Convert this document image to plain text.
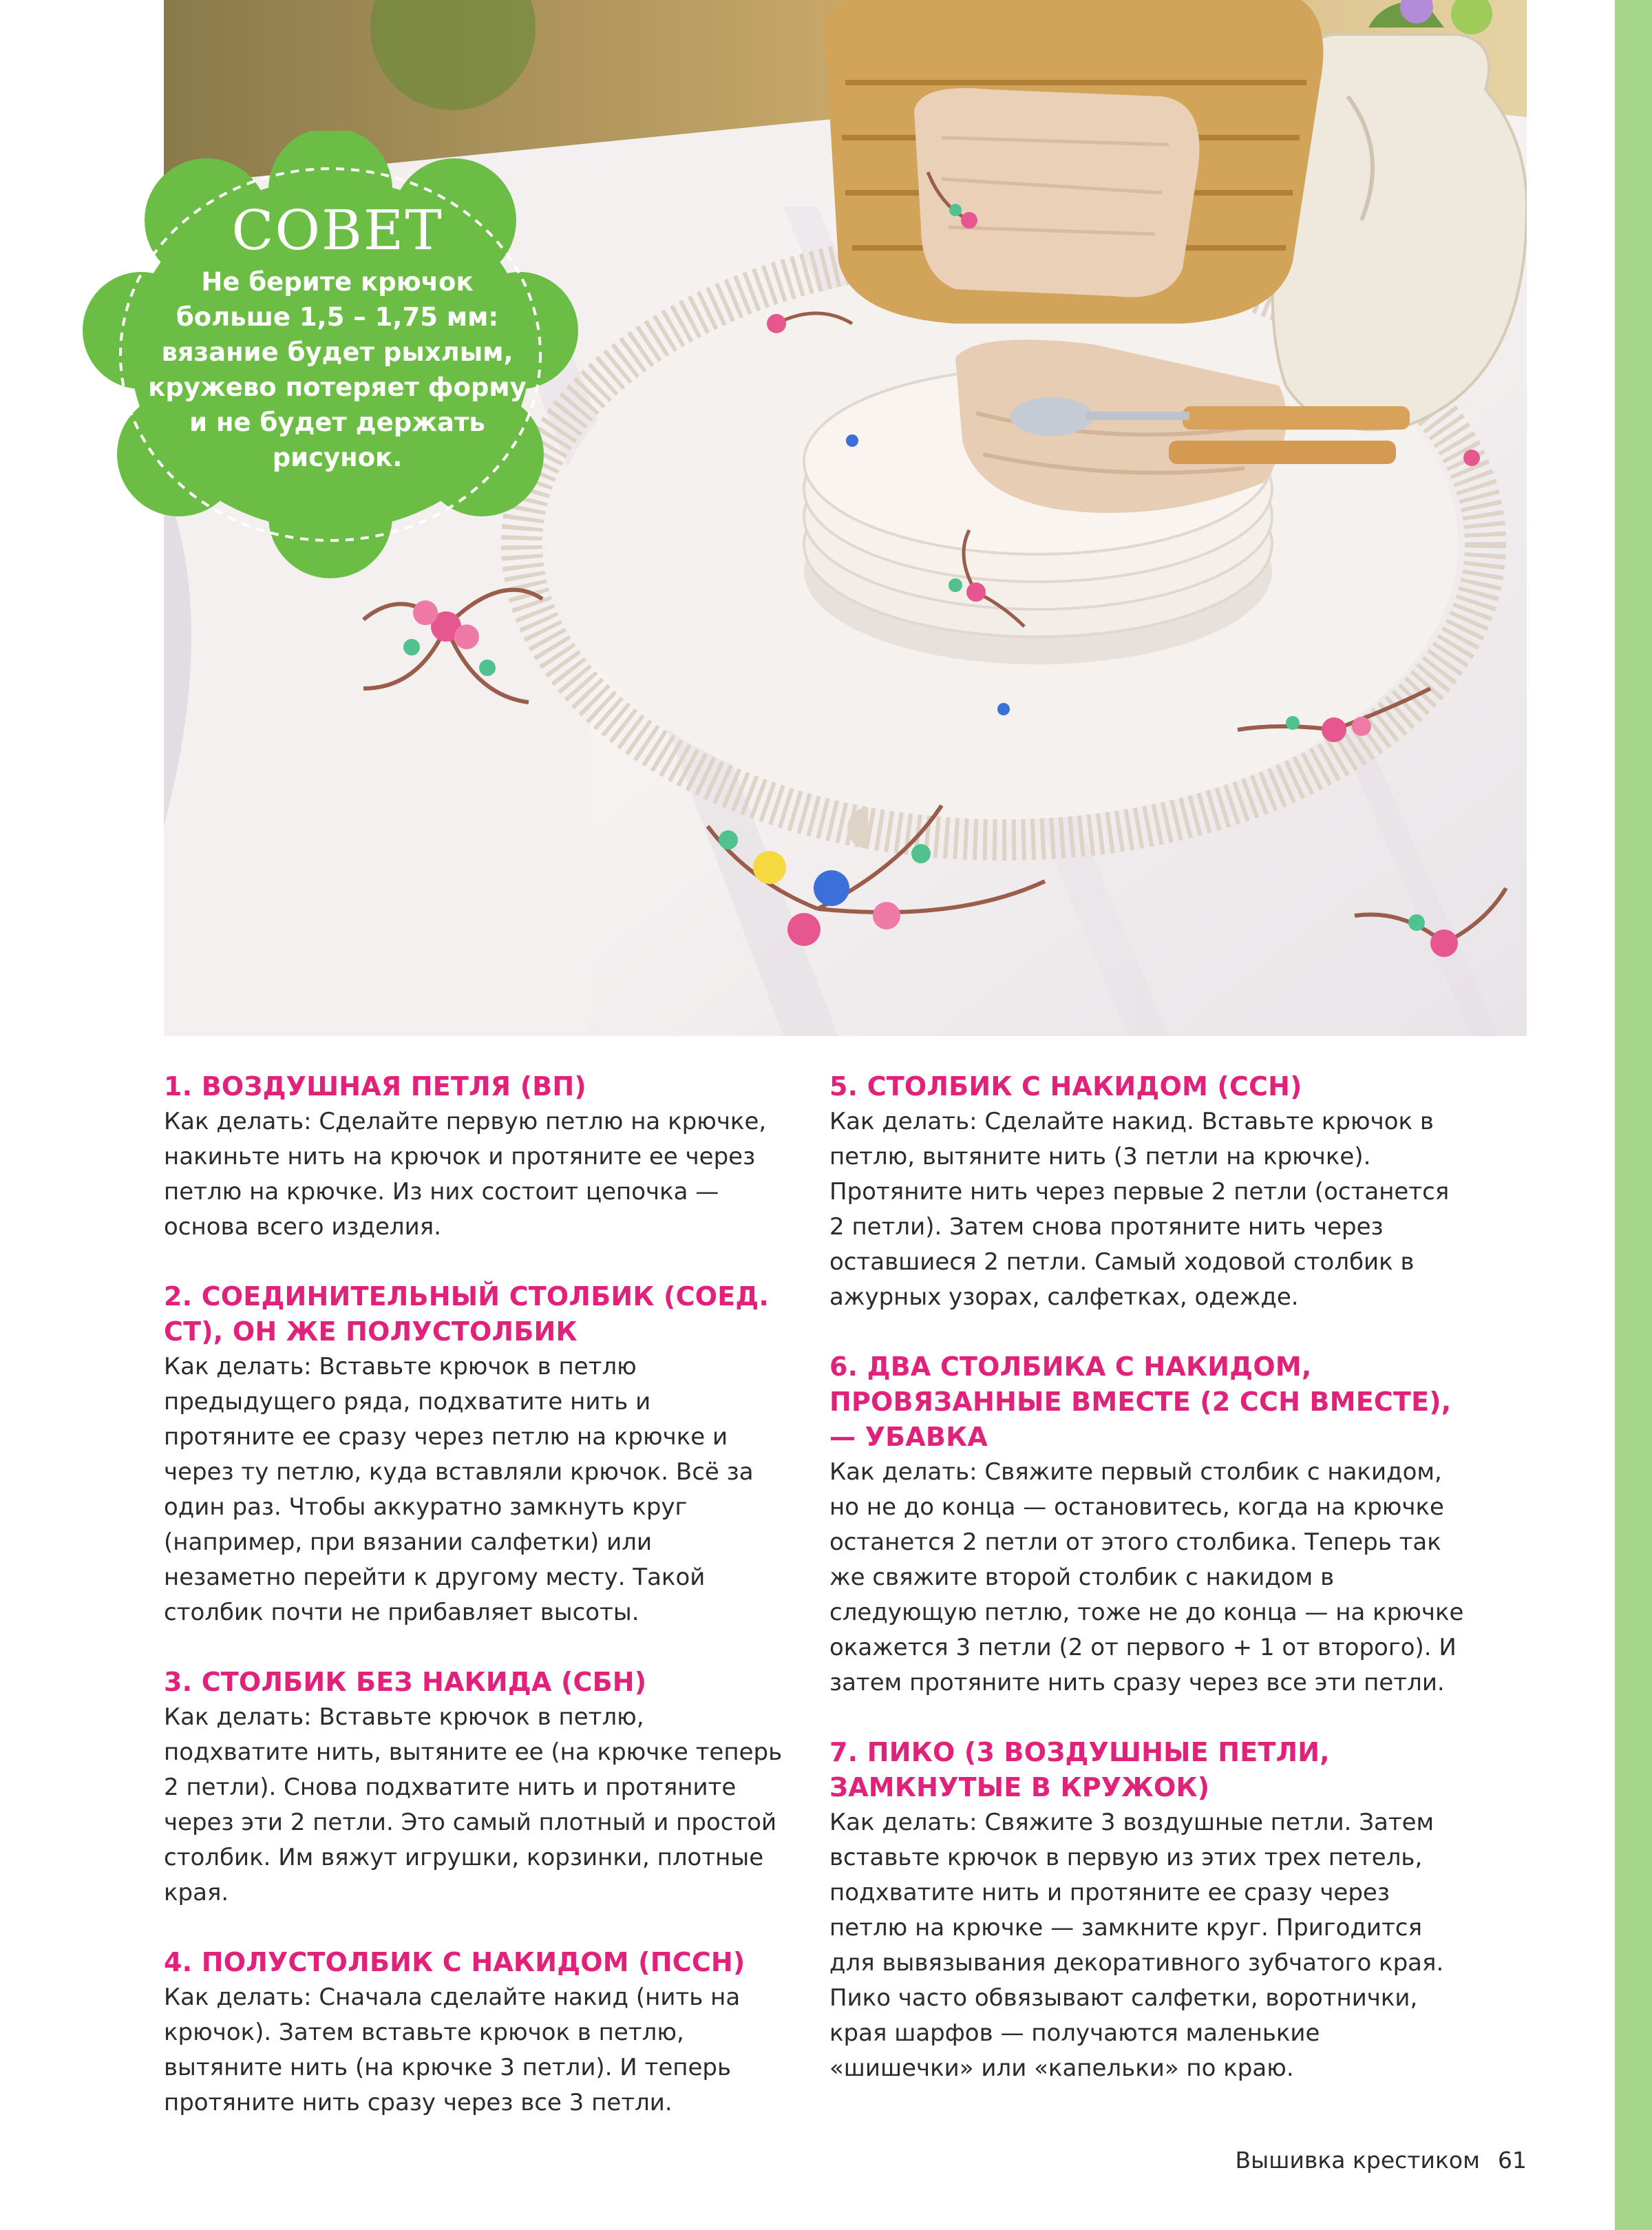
СОВЕТ
Не берите крючок больше 1,5 – 1,75 мм: вязание будет рыхлым, кружево потеряет форму и не будет держать рисунок.

1. ВОЗДУШНАЯ ПЕТЛЯ (ВП)

Как делать: Сделайте первую петлю на крючке, накиньте нить на крючок и протяните ее через петлю на крючке. Из них состоит цепочка — основа всего изделия.

2. СОЕДИНИТЕЛЬНЫЙ СТОЛБИК (СОЕД. СТ), ОН ЖЕ ПОЛУСТОЛБИК

Как делать: Вставьте крючок в петлю предыдущего ряда, подхватите нить и протяните ее сразу через петлю на крючке и через ту петлю, куда вставляли крючок. Всё за один раз. Чтобы аккуратно замкнуть круг (например, при вязании салфетки) или незаметно перейти к другому месту. Такой столбик почти не прибавляет высоты.

3. СТОЛБИК БЕЗ НАКИДА (СБН)

Как делать: Вставьте крючок в петлю, подхватите нить, вытяните ее (на крючке теперь 2 петли). Снова подхватите нить и протяните через эти 2 петли. Это самый плотный и простой столбик. Им вяжут игрушки, корзинки, плотные края.

4. ПОЛУСТОЛБИК С НАКИДОМ (ПССН)

Как делать: Сначала сделайте накид (нить на крючок). Затем вставьте крючок в петлю, вытяните нить (на крючке 3 петли). И теперь протяните нить сразу через все 3 петли.

5. СТОЛБИК С НАКИДОМ (ССН)

Как делать: Сделайте накид. Вставьте крючок в петлю, вытяните нить (3 петли на крючке). Протяните нить через первые 2 петли (останется 2 петли). Затем снова протяните нить через оставшиеся 2 петли. Самый ходовой столбик в ажурных узорах, салфетках, одежде.

6. ДВА СТОЛБИКА С НАКИДОМ, ПРОВЯЗАННЫЕ ВМЕСТЕ (2 ССН ВМЕСТЕ), — УБАВКА

Как делать: Свяжите первый столбик с накидом, но не до конца — остановитесь, когда на крючке останется 2 петли от этого столбика. Теперь так же свяжите второй столбик с накидом в следующую петлю, тоже не до конца — на крючке окажется 3 петли (2 от первого + 1 от второго). И затем протяните нить сразу через все эти петли.

7. ПИКО (3 ВОЗДУШНЫЕ ПЕТЛИ, ЗАМКНУТЫЕ В КРУЖОК)

Как делать: Свяжите 3 воздушные петли. Затем вставьте крючок в первую из этих трех петель, подхватите нить и протяните ее сразу через петлю на крючке — замкните круг. Пригодится для вывязывания декоративного зубчатого края. Пико часто обвязывают салфетки, воротнички, края шарфов — получаются маленькие «шишечки» или «капельки» по краю.

Вышивка крестиком 61
